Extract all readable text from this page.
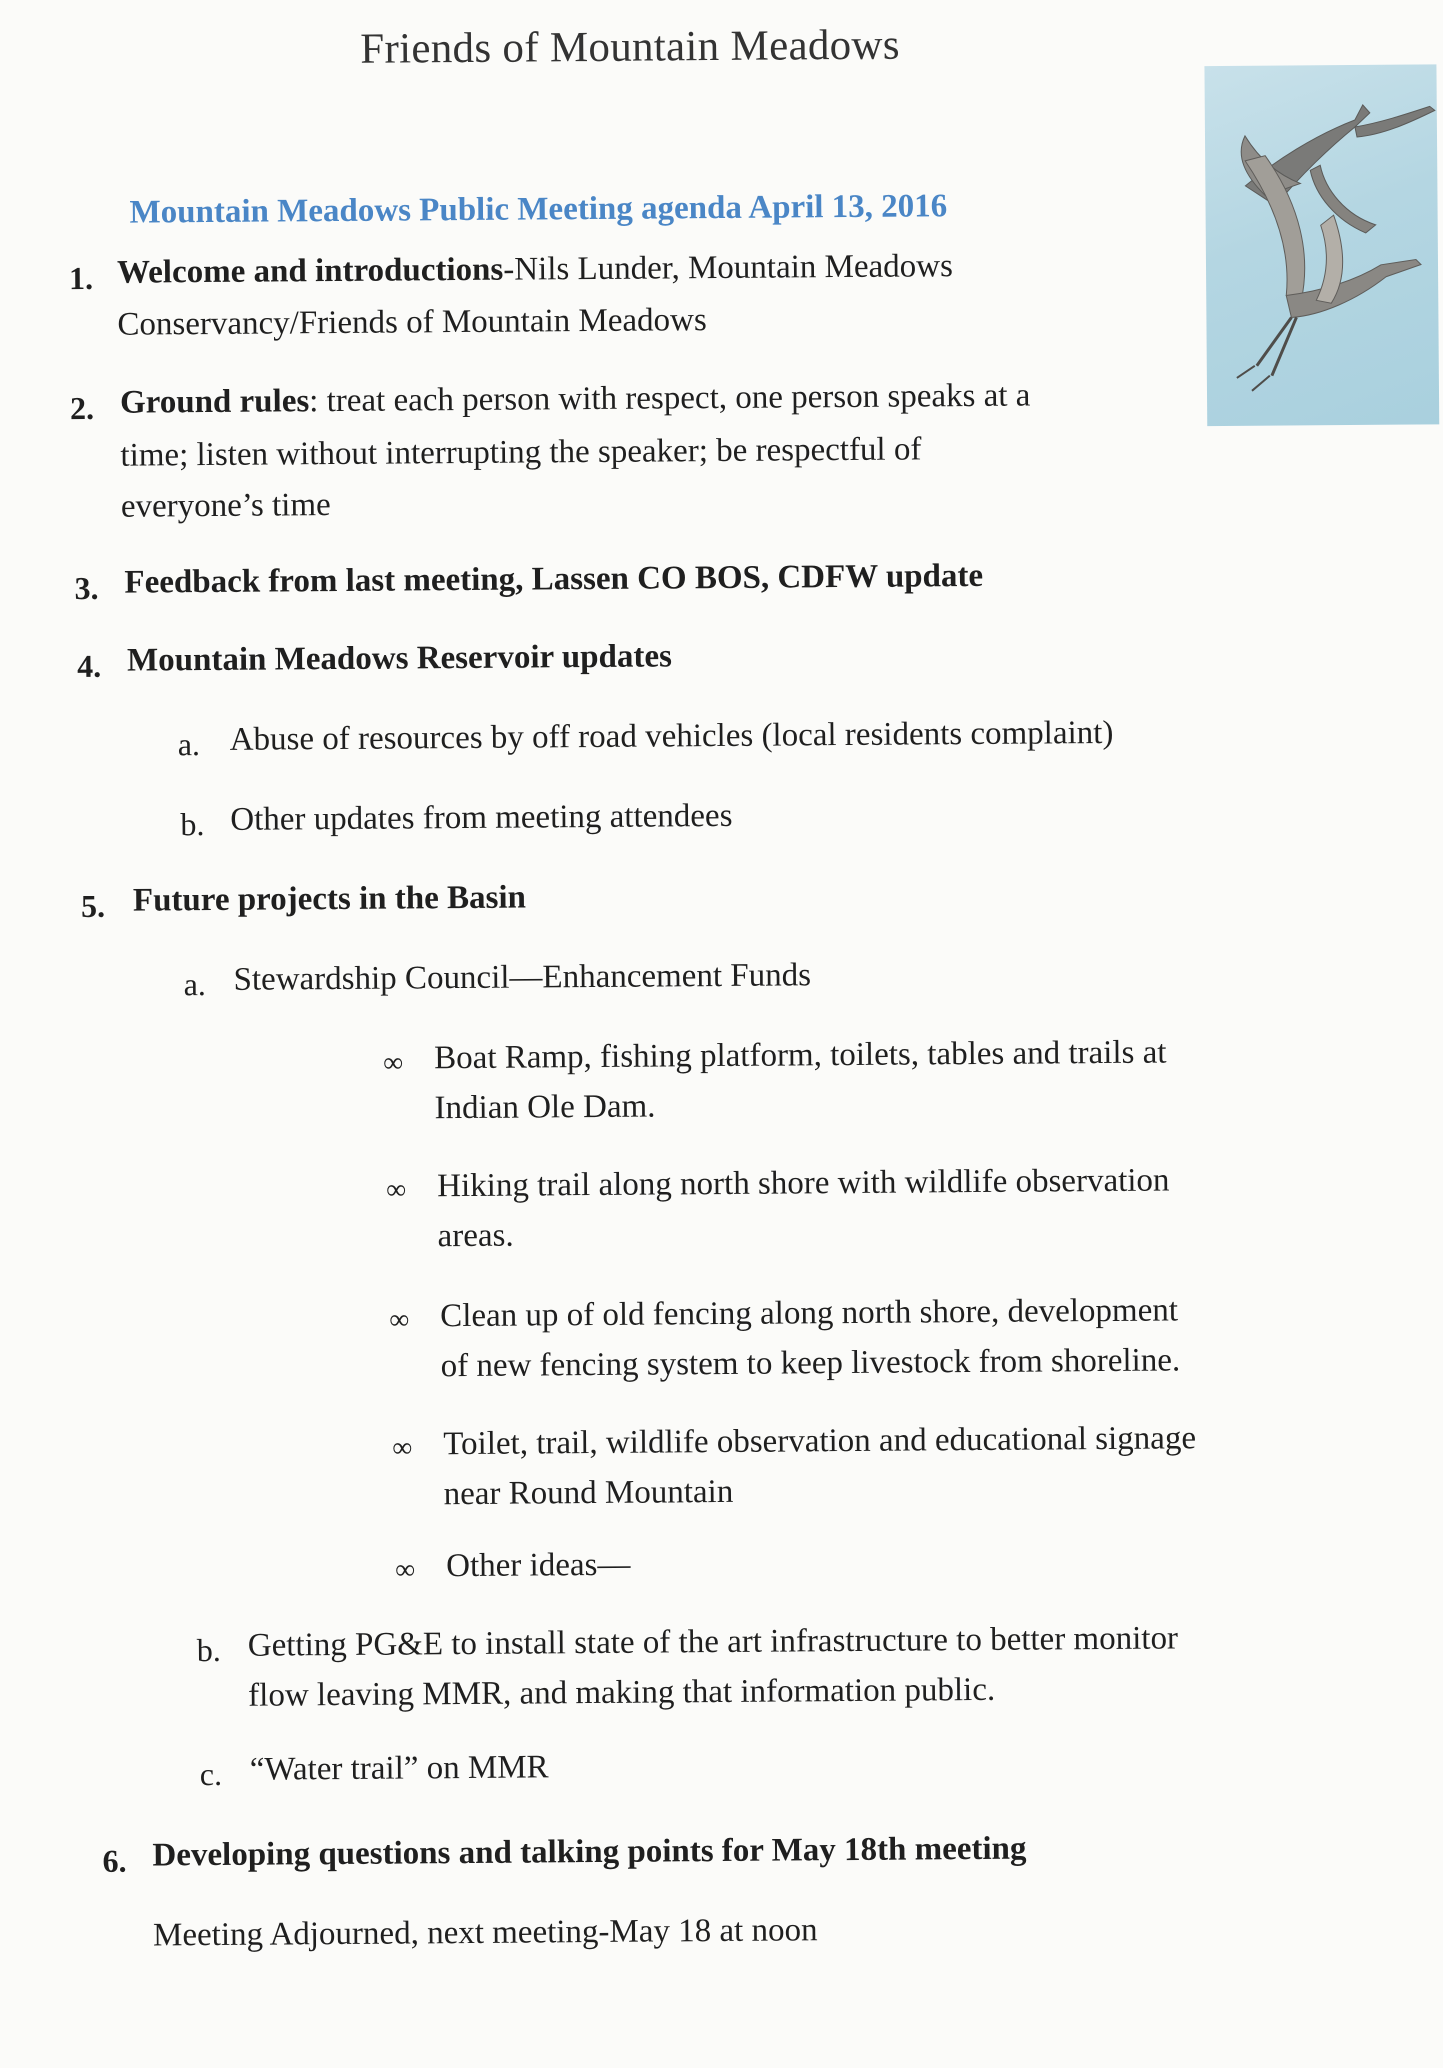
Friends of Mountain Meadows
Mountain Meadows Public Meeting agenda April 13, 2016
1. Welcome and introductions-Nils Lunder, Mountain Meadows
Conservancy/Friends of Mountain Meadows
2. Ground rules: treat each person with respect, one person speaks at a
time; listen without interrupting the speaker; be respectful of
everyone’s time
3. Feedback from last meeting, Lassen CO BOS, CDFW update
4. Mountain Meadows Reservoir updates
a. Abuse of resources by off road vehicles (local residents complaint)
b. Other updates from meeting attendees
5. Future projects in the Basin
a. Stewardship Council—Enhancement Funds
∞ Boat Ramp, fishing platform, toilets, tables and trails at
Indian Ole Dam.
∞ Hiking trail along north shore with wildlife observation
areas.
∞ Clean up of old fencing along north shore, development
of new fencing system to keep livestock from shoreline.
∞ Toilet, trail, wildlife observation and educational signage
near Round Mountain
∞ Other ideas—
b. Getting PG&E to install state of the art infrastructure to better monitor
flow leaving MMR, and making that information public.
c. “Water trail” on MMR
6. Developing questions and talking points for May 18th meeting
Meeting Adjourned, next meeting-May 18 at noon
